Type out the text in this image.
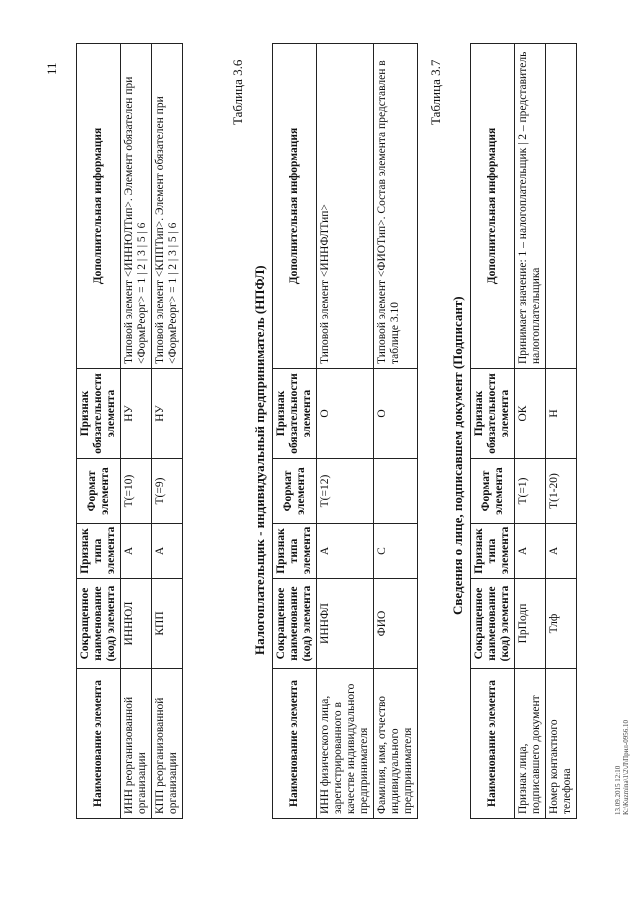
11
Наименование элемента	Сокращенное наименование (код) элемента	Признак типа элемента	Формат элемента	Признак обязательности элемента	Дополнительная информация
ИНН реорганизованной организации	ИННЮЛ	А	T(=10)	НУ	Типовой элемент <ИННЮЛТип>. Элемент обязателен при <ФормРеорг> = 1 | 2 | 3 | 5 | 6
КПП реорганизованной организации	КПП	А	T(=9)	НУ	Типовой элемент <КППТип>. Элемент обязателен при <ФормРеорг> = 1 | 2 | 3 | 5 | 6
Таблица 3.6
Налогоплательщик - индивидуальный предприниматель (НПФЛ)
Наименование элемента	Сокращенное наименование (код) элемента	Признак типа элемента	Формат элемента	Признак обязательности элемента	Дополнительная информация
ИНН физического лица, зарегистрированного в качестве индивидуального предпринимателя	ИННФЛ	А	T(=12)	О	Типовой элемент <ИННФЛТип>
Фамилия, имя, отчество индивидуального предпринимателя	ФИО	С		О	Типовой элемент <ФИОТип>. Состав элемента представлен в таблице 3.10
Таблица 3.7
Сведения о лице, подписавшем документ (Подписант)
Наименование элемента	Сокращенное наименование (код) элемента	Признак типа элемента	Формат элемента	Признак обязательности элемента	Дополнительная информация
Признак лица, подписавшего документ	ПрПодп	А	T(=1)	ОК	Принимает значение: 1 – налогоплательщик | 2 – представитель налогоплательщика
Номер контактного телефона	Тлф	А	T(1-20)	Н	
13.09.2015 12:10 K:\Kuzmina\1\2\Л\Прил-0956.10
